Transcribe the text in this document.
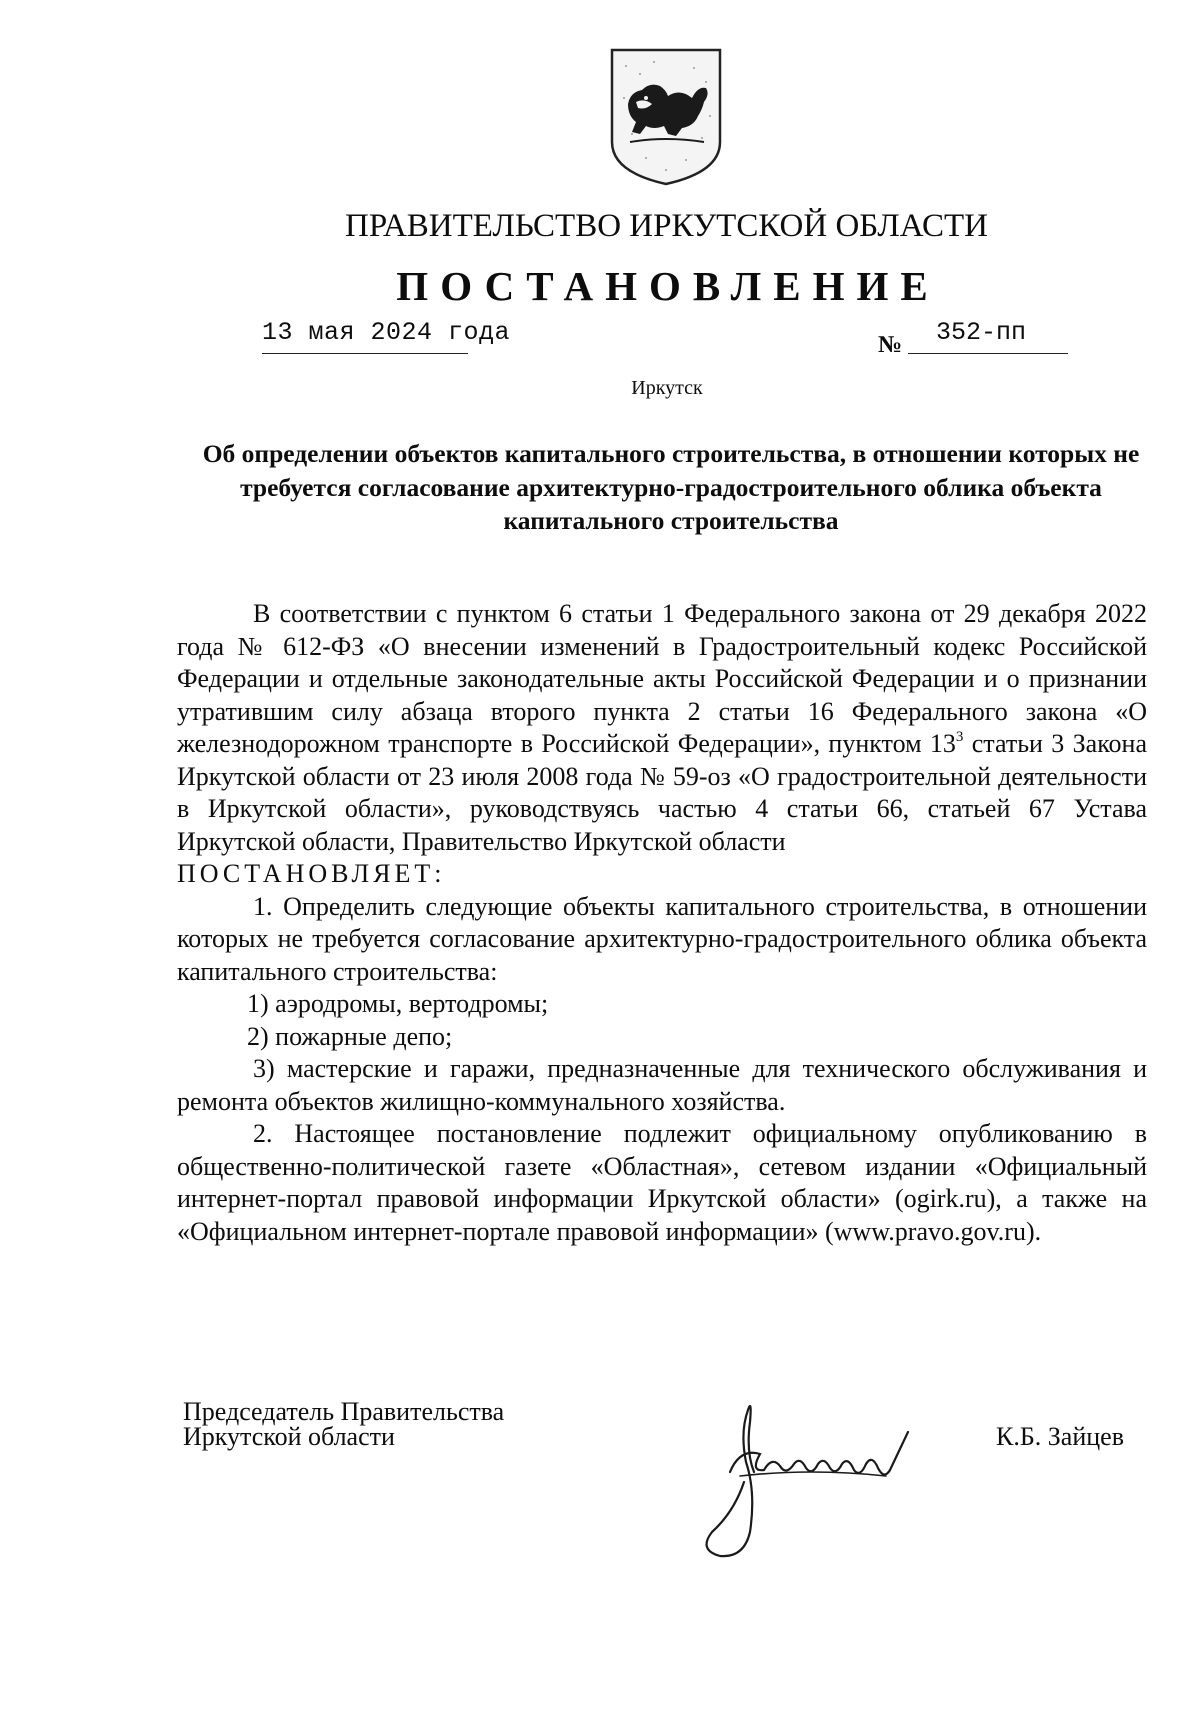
ПРАВИТЕЛЬСТВО ИРКУТСКОЙ ОБЛАСТИ
ПОСТАНОВЛЕНИЕ
13 мая 2024 года	№ 352-пп
Иркутск
Об определении объектов капитального строительства, в отношении которых не требуется согласование архитектурно-градостроительного облика объекта капитального строительства

В соответствии с пунктом 6 статьи 1 Федерального закона от 29 декабря 2022 года № 612-ФЗ «О внесении изменений в Градостроительный кодекс Российской Федерации и отдельные законодательные акты Российской Федерации и о признании утратившим силу абзаца второго пункта 2 статьи 16 Федерального закона «О железнодорожном транспорте в Российской Федерации», пунктом $13^3$ статьи 3 Закона Иркутской области от 23 июля 2008 года № 59-оз «О градостроительной деятельности в Иркутской области», руководствуясь частью 4 статьи 66, статьей 67 Устава Иркутской области, Правительство Иркутской области

ПОСТАНОВЛЯЕТ:

1. Определить следующие объекты капитального строительства, в отношении которых не требуется согласование архитектурно-градостроительного облика объекта капитального строительства:

1) аэродромы, вертодромы;

2) пожарные депо;

3) мастерские и гаражи, предназначенные для технического обслуживания и ремонта объектов жилищно-коммунального хозяйства.

2. Настоящее постановление подлежит официальному опубликованию в общественно-политической газете «Областная», сетевом издании «Официальный интернет-портал правовой информации Иркутской области» (ogirk.ru), а также на «Официальном интернет-портале правовой информации» (www.pravo.gov.ru).

Председатель Правительства
Иркутской области	К.Б. Зайцев
